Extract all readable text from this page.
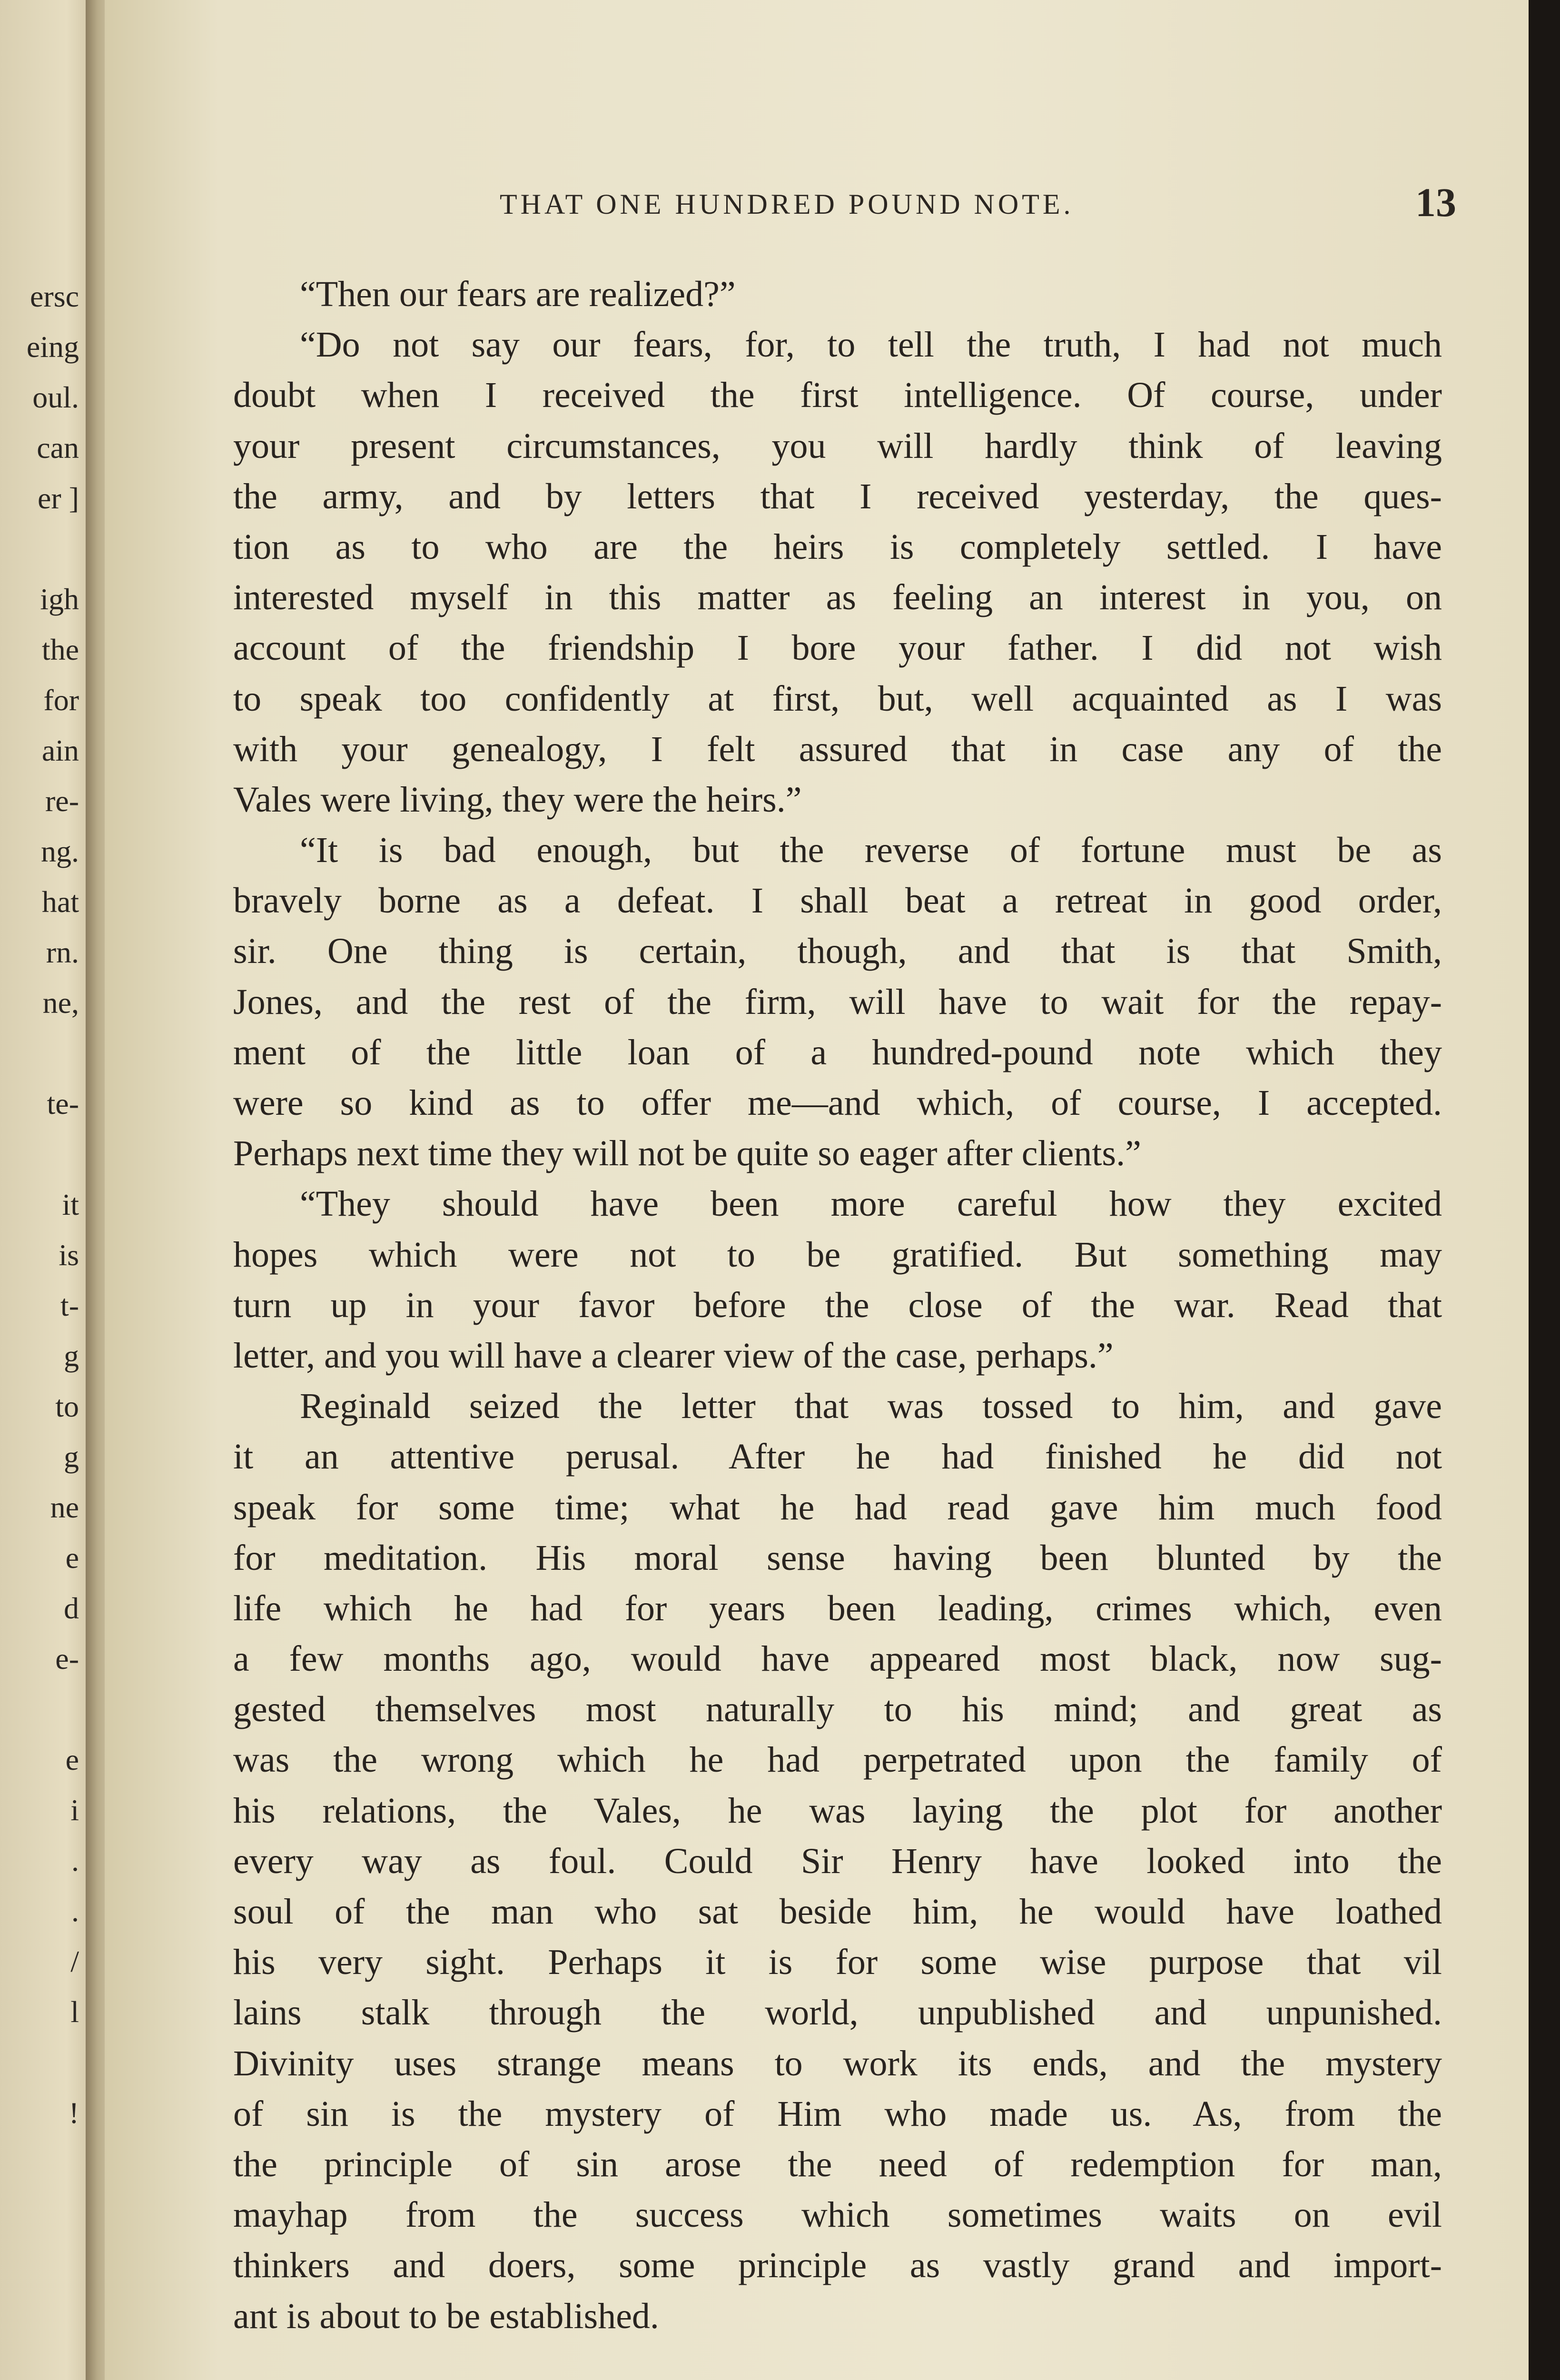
ersc
eing
oul.
can
er ]
igh
the
for
ain
re-
ng.
hat
rn.
ne,
te-
it
is
t-
g
to
g
ne
e
d
e-
e
i
.
.
/
l
!
THAT ONE HUNDRED POUND NOTE.	13
“Then our fears are realized?”
“Do not say our fears, for, to tell the truth, I had not much
doubt when I received the first intelligence. Of course, under
your present circumstances, you will hardly think of leaving
the army, and by letters that I received yesterday, the ques-
tion as to who are the heirs is completely settled. I have
interested myself in this matter as feeling an interest in you, on
account of the friendship I bore your father. I did not wish
to speak too confidently at first, but, well acquainted as I was
with your genealogy, I felt assured that in case any of the
Vales were living, they were the heirs.”
“It is bad enough, but the reverse of fortune must be as
bravely borne as a defeat. I shall beat a retreat in good order,
sir. One thing is certain, though, and that is that Smith,
Jones, and the rest of the firm, will have to wait for the repay-
ment of the little loan of a hundred-pound note which they
were so kind as to offer me—and which, of course, I accepted.
Perhaps next time they will not be quite so eager after clients.”
“They should have been more careful how they excited
hopes which were not to be gratified. But something may
turn up in your favor before the close of the war. Read that
letter, and you will have a clearer view of the case, perhaps.”
Reginald seized the letter that was tossed to him, and gave
it an attentive perusal. After he had finished he did not
speak for some time; what he had read gave him much food
for meditation. His moral sense having been blunted by the
life which he had for years been leading, crimes which, even
a few months ago, would have appeared most black, now sug-
gested themselves most naturally to his mind; and great as
was the wrong which he had perpetrated upon the family of
his relations, the Vales, he was laying the plot for another
every way as foul. Could Sir Henry have looked into the
soul of the man who sat beside him, he would have loathed
his very sight. Perhaps it is for some wise purpose that vil
lains stalk through the world, unpublished and unpunished.
Divinity uses strange means to work its ends, and the mystery
of sin is the mystery of Him who made us. As, from the
the principle of sin arose the need of redemption for man,
mayhap from the success which sometimes waits on evil
thinkers and doers, some principle as vastly grand and import-
ant is about to be established.
